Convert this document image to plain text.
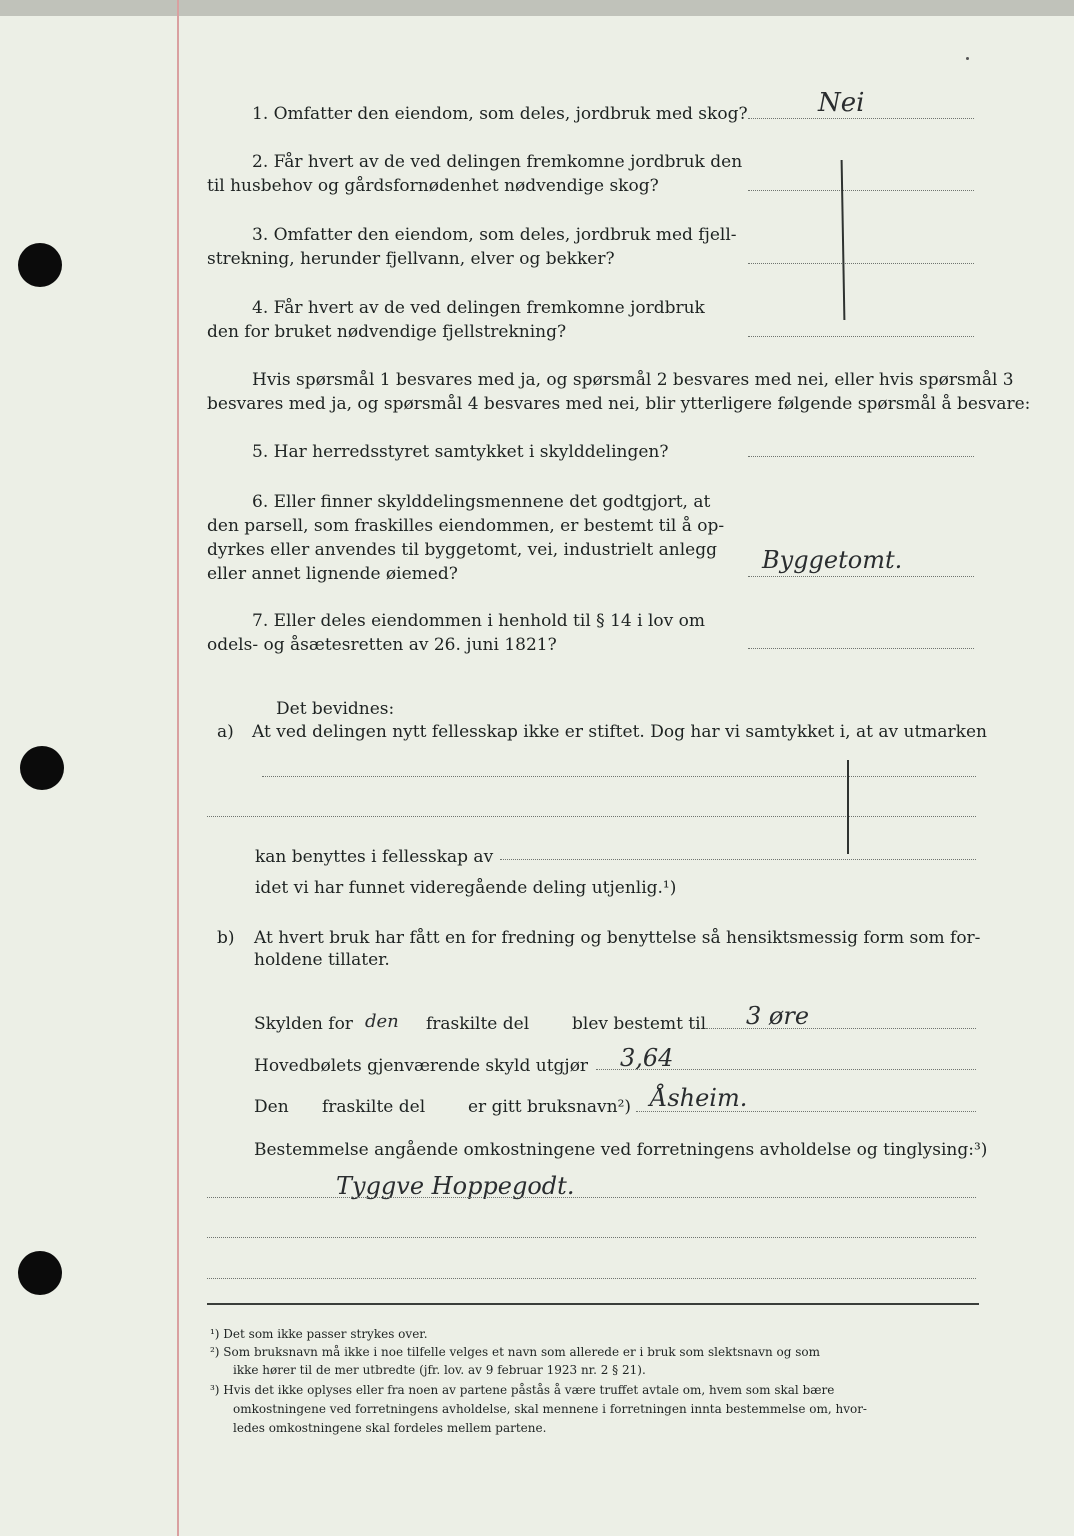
1. Omfatter den eiendom, som deles, jordbruk med skog?	Nei
2. Får hvert av de ved delingen fremkomne jordbruk den
til husbehov og gårdsfornødenhet nødvendige skog?
3. Omfatter den eiendom, som deles, jordbruk med fjell-
strekning, herunder fjellvann, elver og bekker?
4. Får hvert av de ved delingen fremkomne jordbruk
den for bruket nødvendige fjellstrekning?
Hvis spørsmål 1 besvares med ja, og spørsmål 2 besvares med nei, eller hvis spørsmål 3
besvares med ja, og spørsmål 4 besvares med nei, blir ytterligere følgende spørsmål å besvare:
5. Har herredsstyret samtykket i skylddelingen?
6. Eller finner skylddelingsmennene det godtgjort, at
den parsell, som fraskilles eiendommen, er bestemt til å op-
dyrkes eller anvendes til byggetomt, vei, industrielt anlegg
eller annet lignende øiemed?	Byggetomt.
7. Eller deles eiendommen i henhold til § 14 i lov om
odels- og åsætesretten av 26. juni 1821?
Det bevidnes:
a) At ved delingen nytt fellesskap ikke er stiftet. Dog har vi samtykket i, at av utmarken
kan benyttes i fellesskap av
idet vi har funnet videregående deling utjenlig.¹)
b) At hvert bruk har fått en for fredning og benyttelse så hensiktsmessig form som for-
holdene tillater.
Skylden for den fraskilte del	blev bestemt til 3 øre
Hovedbølets gjenværende skyld utgjør 3,64
Den fraskilte del	er gitt bruksnavn²) Åsheim.
Bestemmelse angående omkostningene ved forretningens avholdelse og tinglysing:³)
Tyggve Hoppegodt.
¹) Det som ikke passer strykes over.
²) Som bruksnavn må ikke i noe tilfelle velges et navn som allerede er i bruk som slektsnavn og som
ikke hører til de mer utbredte (jfr. lov. av 9 februar 1923 nr. 2 § 21).
³) Hvis det ikke oplyses eller fra noen av partene påstås å være truffet avtale om, hvem som skal bære
omkostningene ved forretningens avholdelse, skal mennene i forretningen innta bestemmelse om, hvor-
ledes omkostningene skal fordeles mellem partene.
